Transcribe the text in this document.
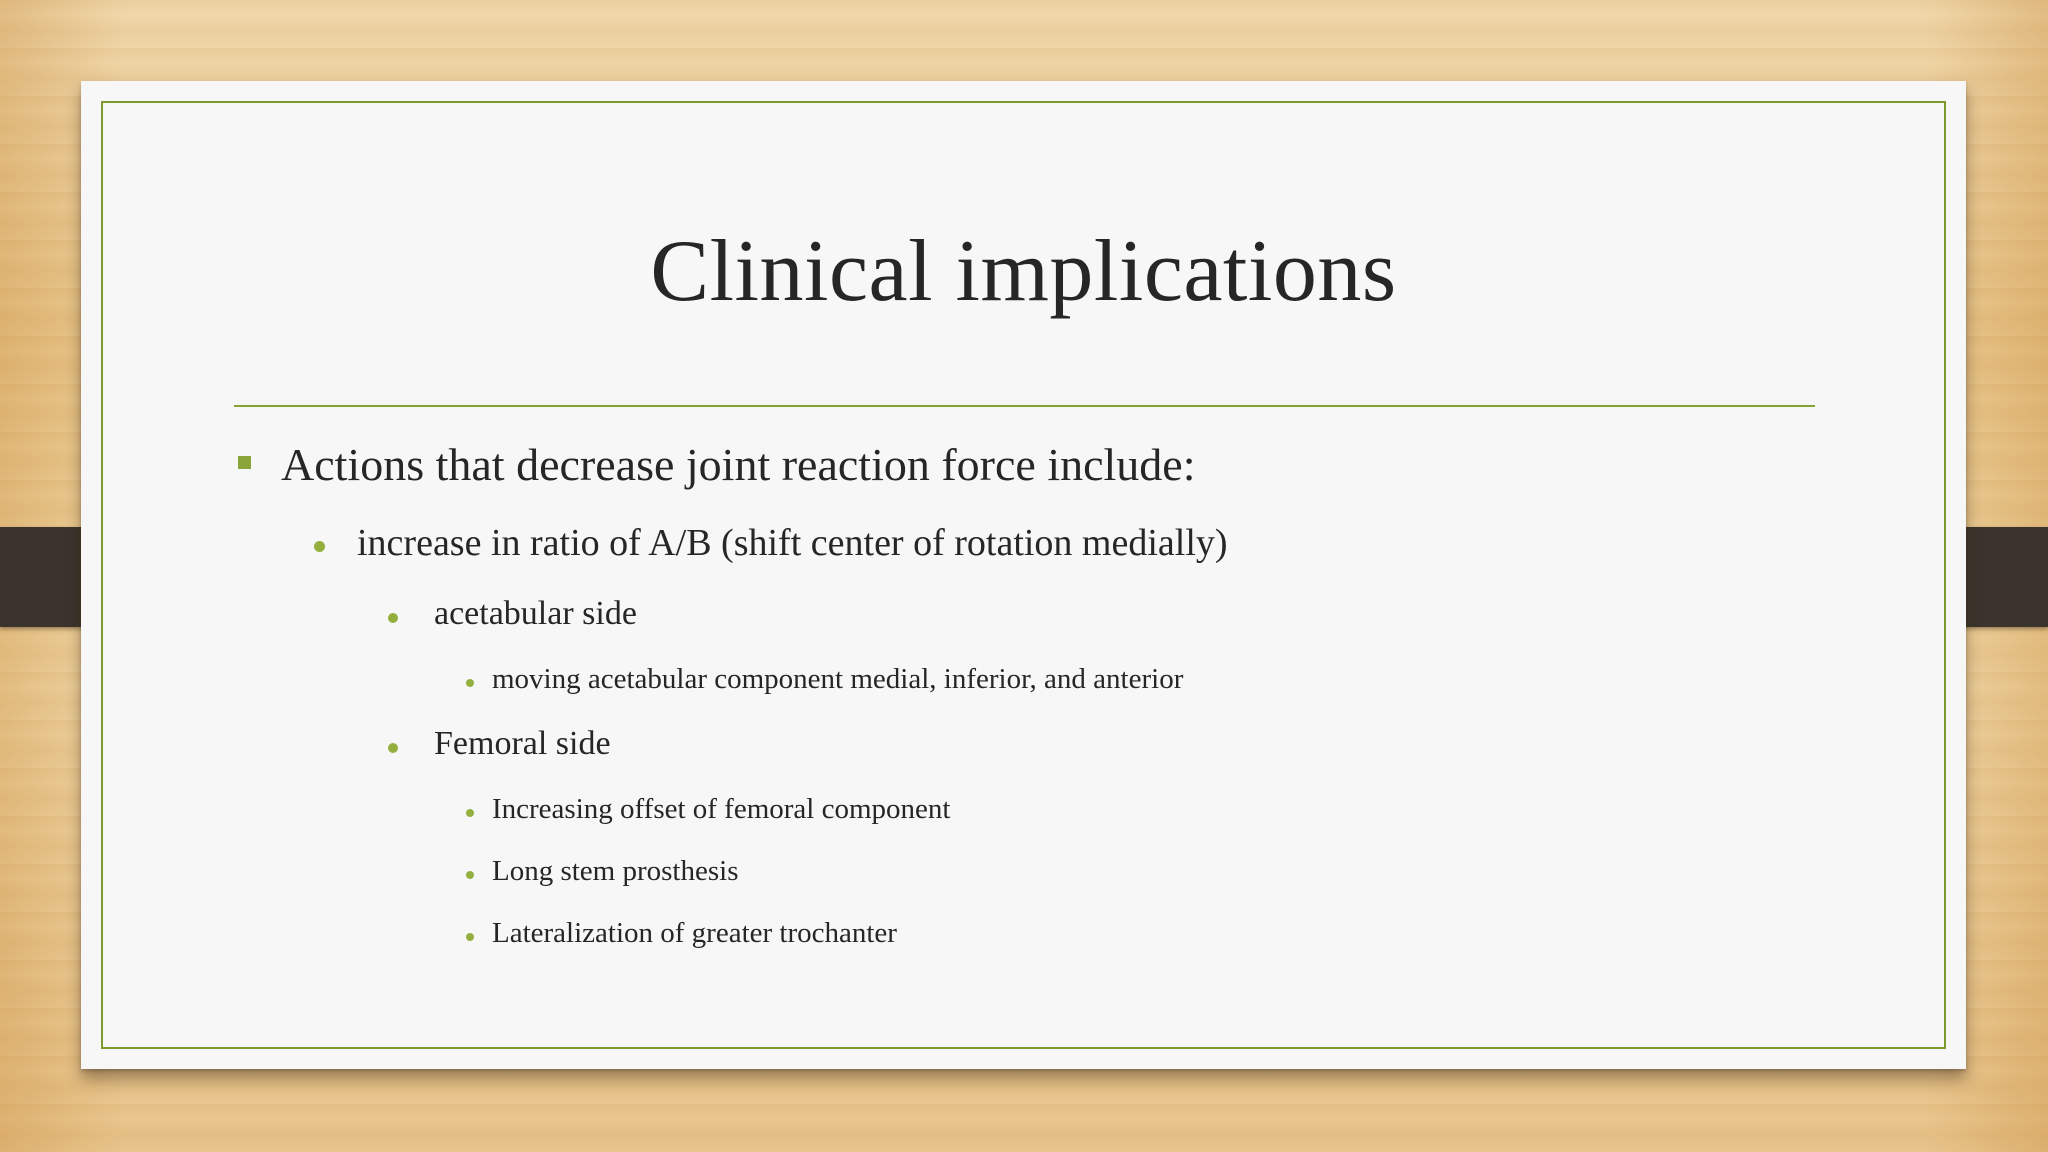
Clinical implications
Actions that decrease joint reaction force include:
increase in ratio of A/B (shift center of rotation medially)
acetabular side
moving acetabular component medial, inferior, and anterior
Femoral side
Increasing offset of femoral component
Long stem prosthesis
Lateralization of greater trochanter
